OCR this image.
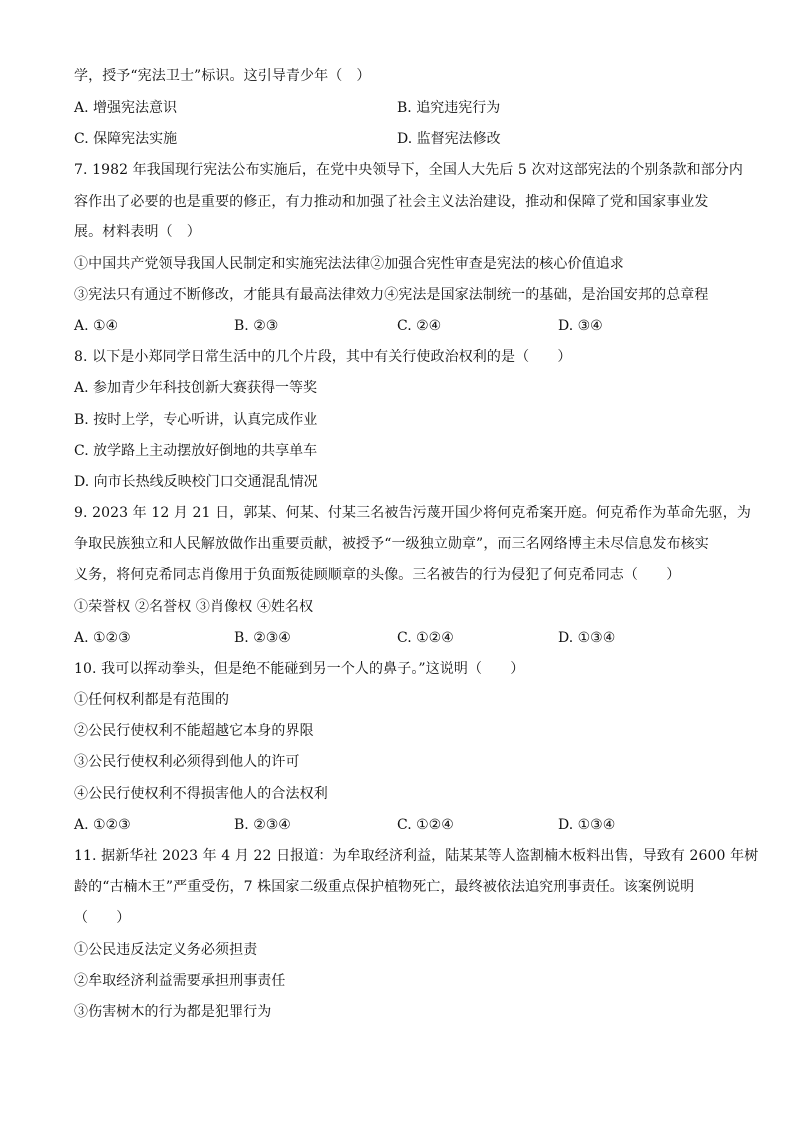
学，授予“宪法卫士”标识。这引导青少年（　）
A. 增强宪法意识	B. 追究违宪行为
C. 保障宪法实施	D. 监督宪法修改
7. 1982 年我国现行宪法公布实施后，在党中央领导下，全国人大先后 5 次对这部宪法的个别条款和部分内
容作出了必要的也是重要的修正，有力推动和加强了社会主义法治建设，推动和保障了党和国家事业发
展。材料表明（　）
①中国共产党领导我国人民制定和实施宪法法律②加强合宪性审查是宪法的核心价值追求
③宪法只有通过不断修改，才能具有最高法律效力④宪法是国家法制统一的基础，是治国安邦的总章程
A. ①④	B. ②③	C. ②④	D. ③④
8. 以下是小郑同学日常生活中的几个片段，其中有关行使政治权利的是（　　）
A. 参加青少年科技创新大赛获得一等奖
B. 按时上学，专心听讲，认真完成作业
C. 放学路上主动摆放好倒地的共享单车
D. 向市长热线反映校门口交通混乱情况
9. 2023 年 12 月 21 日，郭某、何某、付某三名被告污蔑开国少将何克希案开庭。何克希作为革命先驱，为
争取民族独立和人民解放做作出重要贡献，被授予“一级独立勋章”，而三名网络博主未尽信息发布核实
义务，将何克希同志肖像用于负面叛徒顾顺章的头像。三名被告的行为侵犯了何克希同志（　　）
①荣誉权 ②名誉权 ③肖像权 ④姓名权
A. ①②③	B. ②③④	C. ①②④	D. ①③④
10. 我可以挥动拳头，但是绝不能碰到另一个人的鼻子。”这说明（　　）
①任何权利都是有范围的
②公民行使权利不能超越它本身的界限
③公民行使权利必须得到他人的许可
④公民行使权利不得损害他人的合法权利
A. ①②③	B. ②③④	C. ①②④	D. ①③④
11. 据新华社 2023 年 4 月 22 日报道：为牟取经济利益，陆某某等人盗割楠木板料出售，导致有 2600 年树
龄的“古楠木王”严重受伤，7 株国家二级重点保护植物死亡，最终被依法追究刑事责任。该案例说明
（　　）
①公民违反法定义务必须担责
②牟取经济利益需要承担刑事责任
③伤害树木的行为都是犯罪行为
